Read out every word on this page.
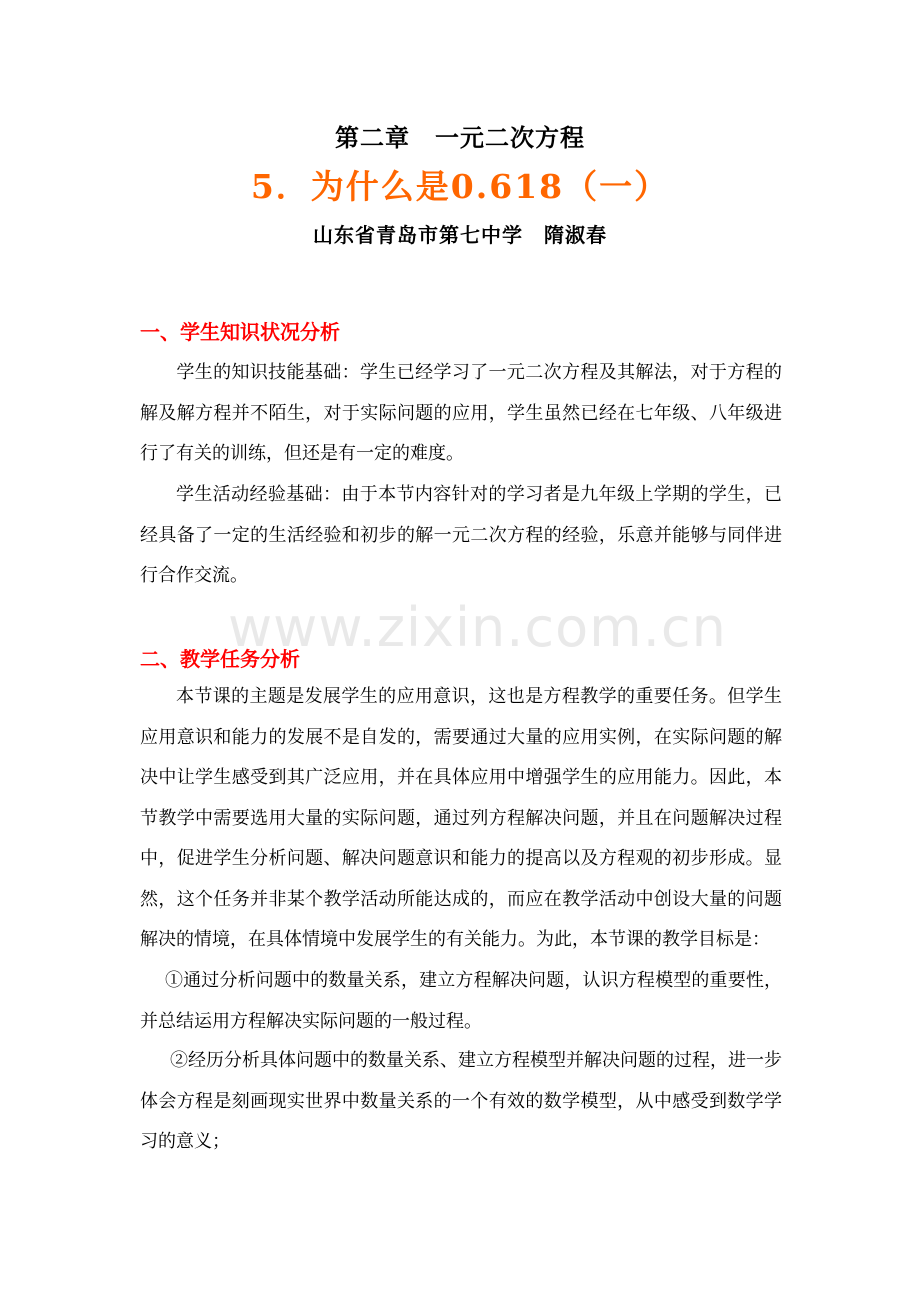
第二章　一元二次方程
5．为什么是0.618（一）
山东省青岛市第七中学　隋淑春
一、学生知识状况分析

　学生的知识技能基础：学生已经学习了一元二次方程及其解法，对于方程的解及解方程并不陌生，对于实际问题的应用，学生虽然已经在七年级、八年级进行了有关的训练，但还是有一定的难度。

学生活动经验基础：由于本节内容针对的学习者是九年级上学期的学生，已经具备了一定的生活经验和初步的解一元二次方程的经验，乐意并能够与同伴进行合作交流。

www.zixin.com.cn
二、教学任务分析

本节课的主题是发展学生的应用意识，这也是方程教学的重要任务。但学生应用意识和能力的发展不是自发的，需要通过大量的应用实例，在实际问题的解决中让学生感受到其广泛应用，并在具体应用中增强学生的应用能力。因此，本节教学中需要选用大量的实际问题，通过列方程解决问题，并且在问题解决过程中，促进学生分析问题、解决问题意识和能力的提高以及方程观的初步形成。显然，这个任务并非某个教学活动所能达成的，而应在教学活动中创设大量的问题解决的情境，在具体情境中发展学生的有关能力。为此，本节课的教学目标是：

①通过分析问题中的数量关系，建立方程解决问题，认识方程模型的重要性，并总结运用方程解决实际问题的一般过程。

②经历分析具体问题中的数量关系、建立方程模型并解决问题的过程，进一步体会方程是刻画现实世界中数量关系的一个有效的数学模型，从中感受到数学学习的意义；
